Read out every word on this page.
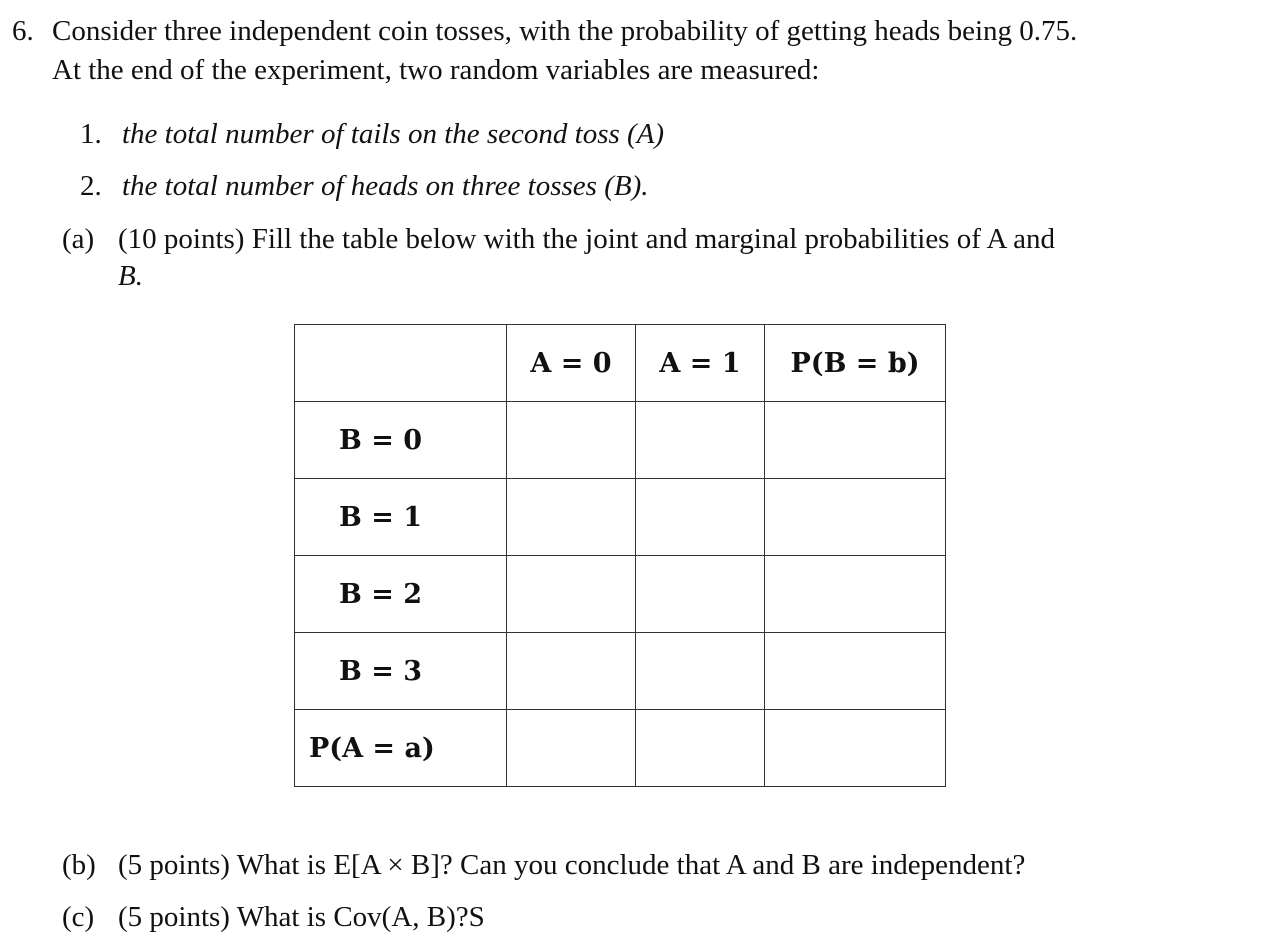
6. Consider three independent coin tosses, with the probability of getting heads being 0.75.
At the end of the experiment, two random variables are measured:
1. the total number of tails on the second toss (A)
2. the total number of heads on three tosses (B).
(a) (10 points) Fill the table below with the joint and marginal probabilities of A and
B.
	A = 0	A = 1	P(B = b)
B = 0			
B = 1			
B = 2			
B = 3			
P(A = a)			
(b) (5 points) What is E[A × B]? Can you conclude that A and B are independent?
(c) (5 points) What is Cov(A, B)?S
